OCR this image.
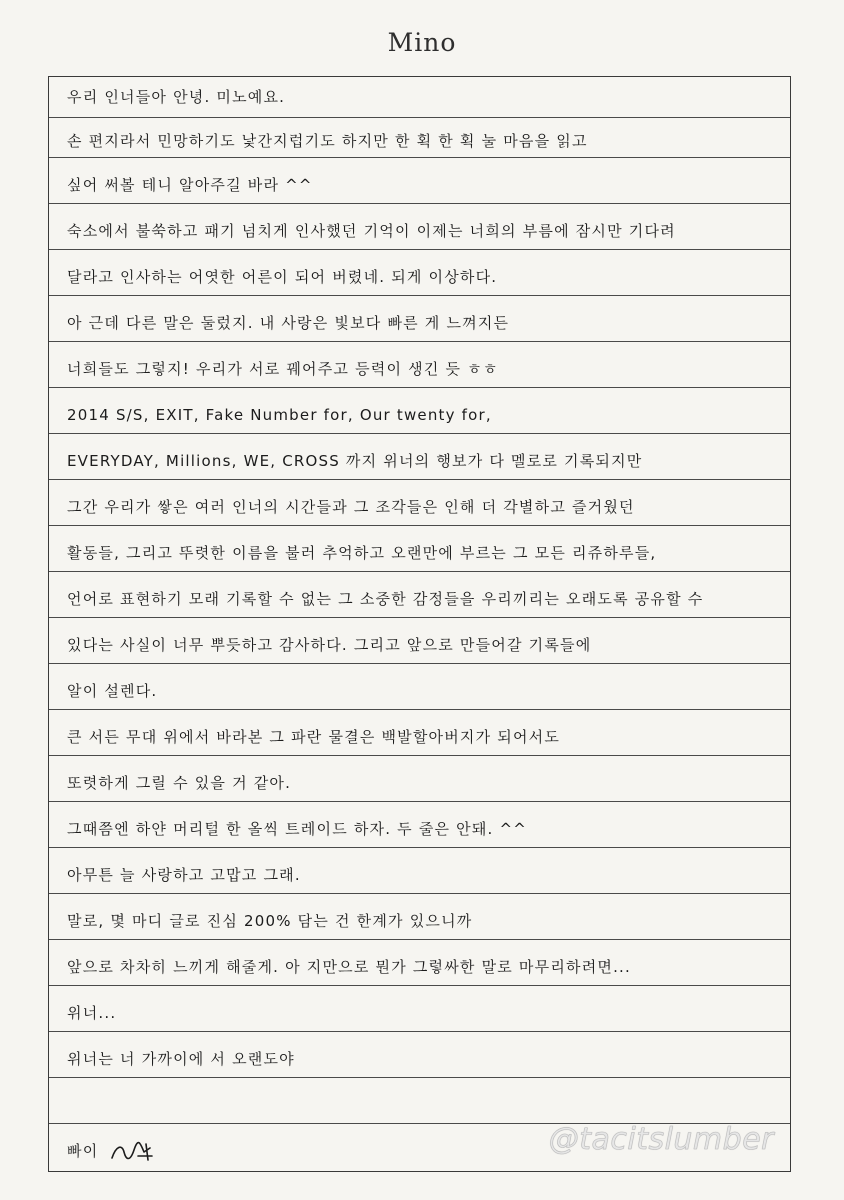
Mino
우리 인너들아 안녕. 미노예요.
손 편지라서 민망하기도 낯간지럽기도 하지만 한 획 한 획 눌 마음을 읽고
싶어 써볼 테니 알아주길 바라 ^^
숙소에서 불쑥하고 패기 넘치게 인사했던 기억이 이제는 너희의 부름에 잠시만 기다려
달라고 인사하는 어엿한 어른이 되어 버렸네. 되게 이상하다.
아 근데 다른 말은 둘렀지. 내 사랑은 빛보다 빠른 게 느껴지든
너희들도 그렇지! 우리가 서로 꿰어주고 등력이 생긴 듯 ㅎㅎ
2014 S/S, EXIT, Fake Number for, Our twenty for,
EVERYDAY, Millions, WE, CROSS 까지 위너의 행보가 다 멜로로 기록되지만
그간 우리가 쌓은 여러 인너의 시간들과 그 조각들은 인해 더 각별하고 즐거웠던
활동들, 그리고 뚜렷한 이름을 불러 추억하고 오랜만에 부르는 그 모든 리쥬하루들,
언어로 표현하기 모래 기록할 수 없는 그 소중한 감정들을 우리끼리는 오래도록 공유할 수
있다는 사실이 너무 뿌듯하고 감사하다. 그리고 앞으로 만들어갈 기록들에
알이 설렌다.
큰 서든 무대 위에서 바라본 그 파란 물결은 백발할아버지가 되어서도
또렷하게 그릴 수 있을 거 같아.
그때쯤엔 하얀 머리털 한 올씩 트레이드 하자. 두 줄은 안돼. ^^
아무튼 늘 사랑하고 고맙고 그래.
말로, 몇 마디 글로 진심 200% 담는 건 한계가 있으니까
앞으로 차차히 느끼게 해줄게. 아 지만으로 뭔가 그렇싸한 말로 마무리하려면...
위너...
위너는 너 가까이에 서 오랜도야
빠이	@tacitslumber
